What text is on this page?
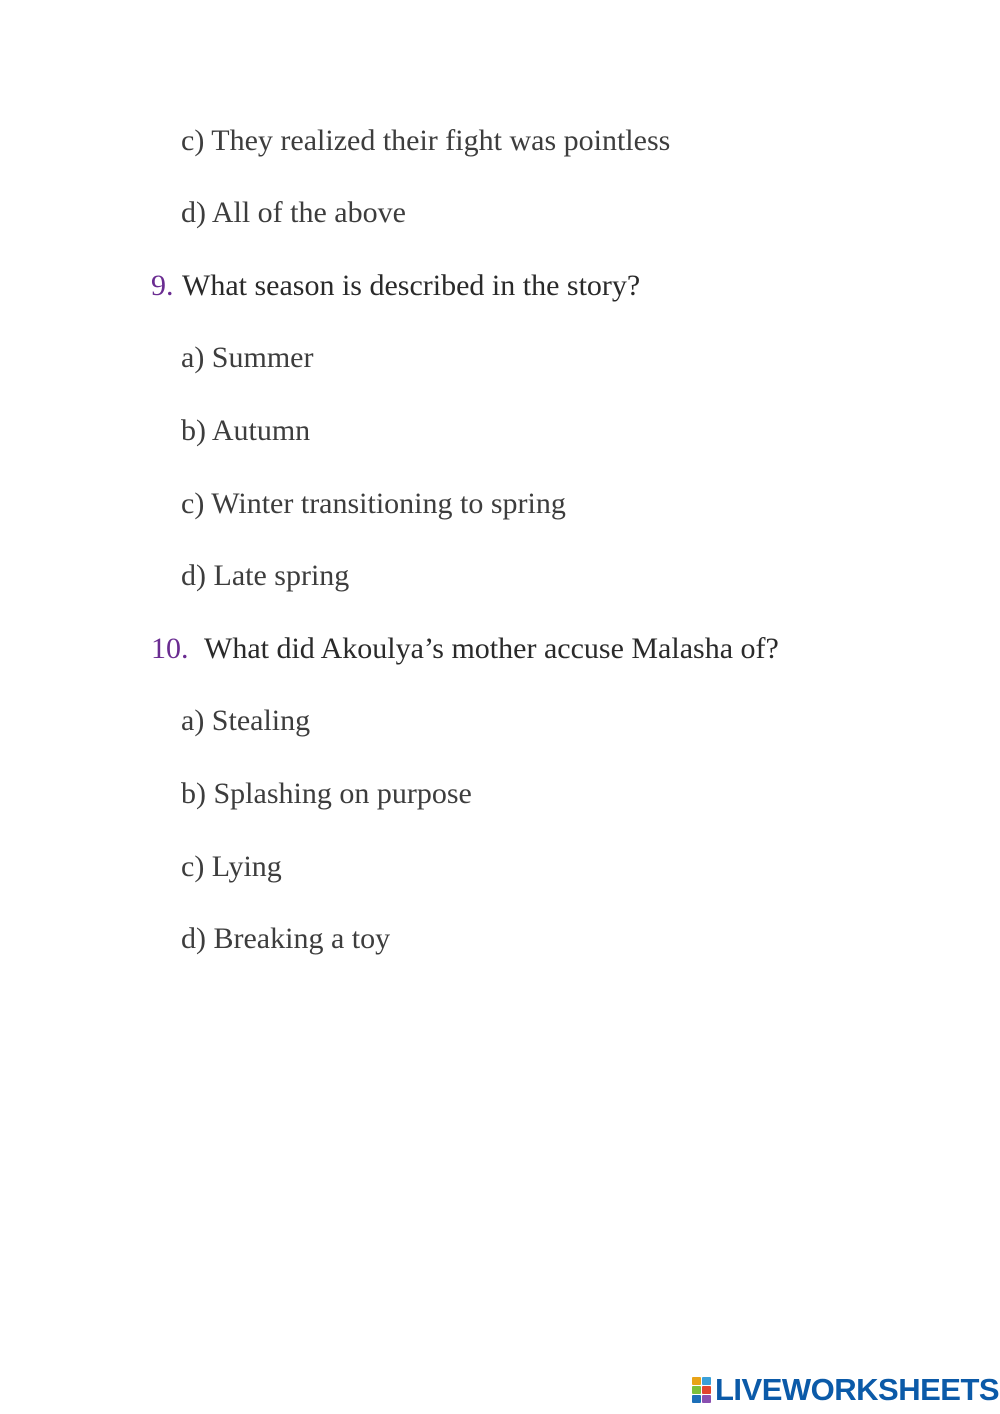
c) They realized their fight was pointless
d) All of the above
9. What season is described in the story?
a) Summer
b) Autumn
c) Winter transitioning to spring
d) Late spring
10. What did Akoulya’s mother accuse Malasha of?
a) Stealing
b) Splashing on purpose
c) Lying
d) Breaking a toy
LIVEWORKSHEETS
